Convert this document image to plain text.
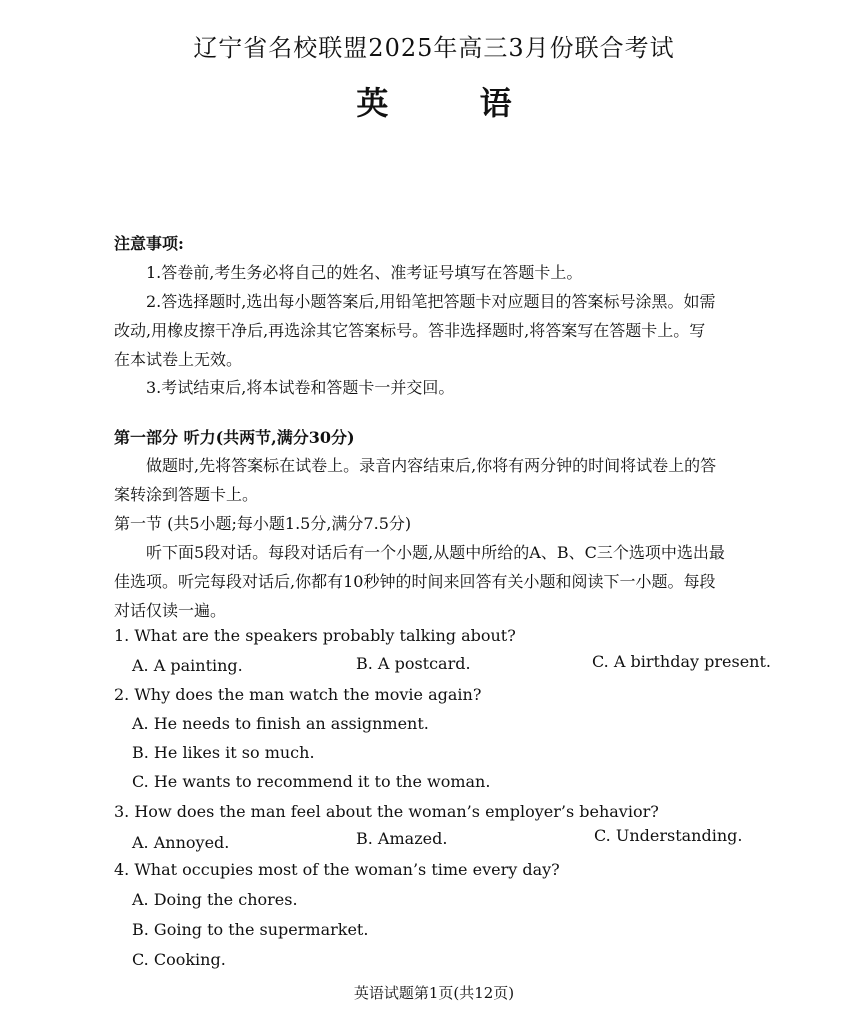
辽宁省名校联盟2025年高三3月份联合考试
英 语
注意事项:
1.答卷前,考生务必将自己的姓名、准考证号填写在答题卡上。
2.答选择题时,选出每小题答案后,用铅笔把答题卡对应题目的答案标号涂黑。如需
改动,用橡皮擦干净后,再选涂其它答案标号。答非选择题时,将答案写在答题卡上。写
在本试卷上无效。
3.考试结束后,将本试卷和答题卡一并交回。
第一部分 听力(共两节,满分30分)
做题时,先将答案标在试卷上。录音内容结束后,你将有两分钟的时间将试卷上的答
案转涂到答题卡上。
第一节 (共5小题;每小题1.5分,满分7.5分)
听下面5段对话。每段对话后有一个小题,从题中所给的A、B、C三个选项中选出最
佳选项。听完每段对话后,你都有10秒钟的时间来回答有关小题和阅读下一小题。每段
对话仅读一遍。
1. What are the speakers probably talking about?
A. A painting.	B. A postcard.	C. A birthday present.
2. Why does the man watch the movie again?
A. He needs to finish an assignment.
B. He likes it so much.
C. He wants to recommend it to the woman.
3. How does the man feel about the woman’s employer’s behavior?
A. Annoyed.	B. Amazed.	C. Understanding.
4. What occupies most of the woman’s time every day?
A. Doing the chores.
B. Going to the supermarket.
C. Cooking.
英语试题第1页(共12页)
